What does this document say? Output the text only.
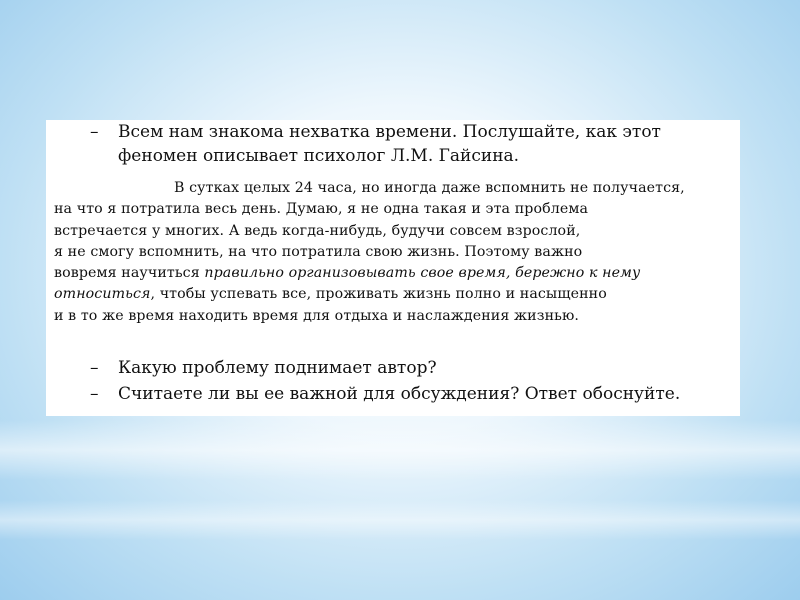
–	Всем нам знакома нехватка времени. Послушайте, как этот
феномен описывает психолог Л.М. Гайсина.
В сутках целых 24 часа, но иногда даже вспомнить не получается,
на что я потратила весь день. Думаю, я не одна такая и эта проблема
встречается у многих. А ведь когда-нибудь, будучи совсем взрослой,
я не смогу вспомнить, на что потратила свою жизнь. Поэтому важно
вовремя научиться правильно организовывать свое время, бережно к нему
относиться, чтобы успевать все, проживать жизнь полно и насыщенно
и в то же время находить время для отдыха и наслаждения жизнью.
–	Какую проблему поднимает автор?
–	Считаете ли вы ее важной для обсуждения? Ответ обоснуйте.
